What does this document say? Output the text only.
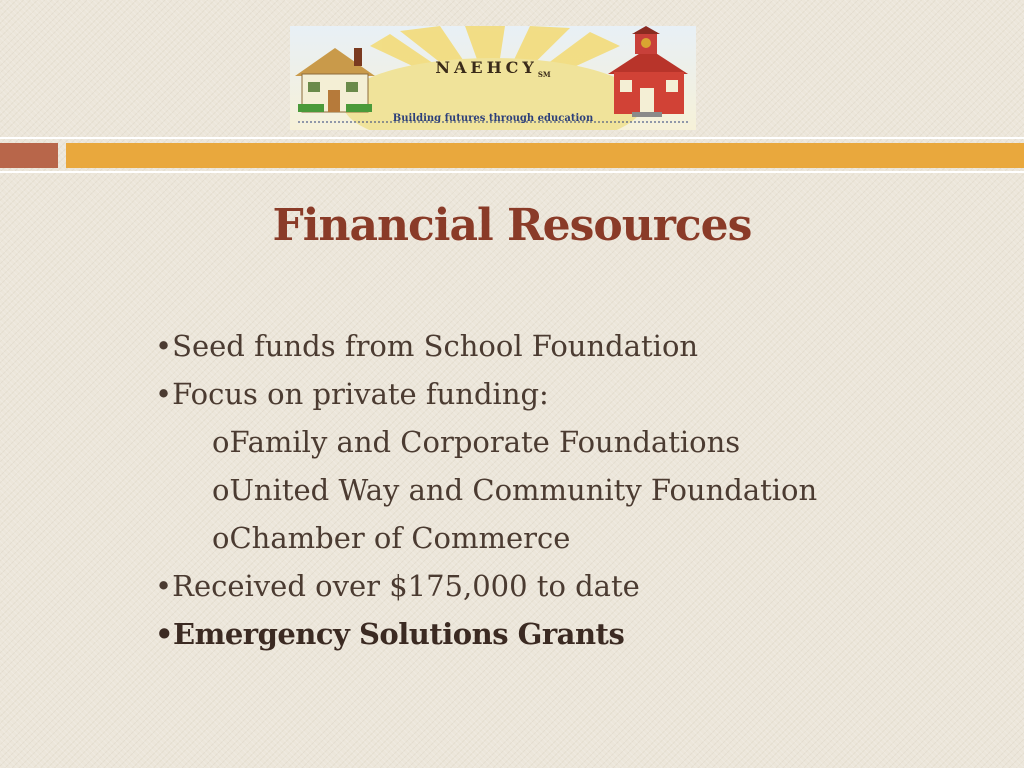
$NAEHCY_{SM}$
Building futures through education
Financial Resources
•Seed funds from School Foundation
•Focus on private funding:
oFamily and Corporate Foundations
oUnited Way and Community Foundation
oChamber of Commerce
•Received over $175,000 to date
•Emergency Solutions Grants
